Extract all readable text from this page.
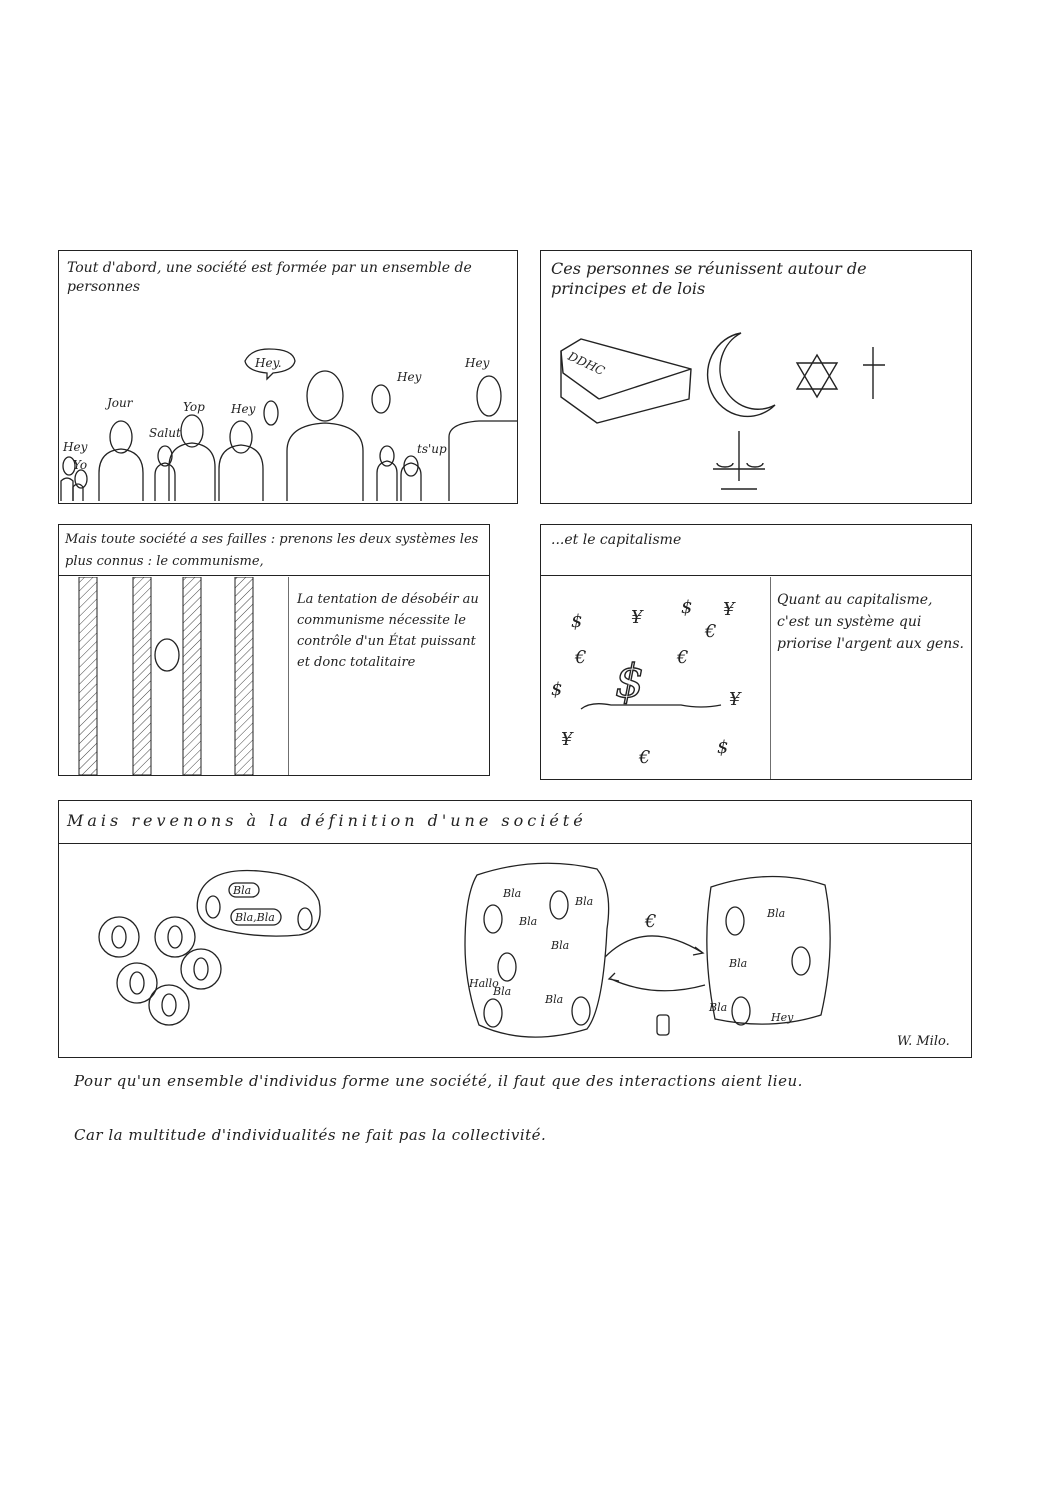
Tout d'abord, une société est formée par un ensemble de personnes
Hey
Jour	Yop Hey
Hey.
Hey
Hey
Salut
Yo
ts'up
Ces personnes se réunissent autour de principes et de lois
DDHC
Mais toute société a ses failles : prenons les deux systèmes les plus connus : le communisme,
La tentation de désobéir au communisme nécessite le contrôle d'un État puissant et donc totalitaire
...et le capitalisme
$	¥ $
€
¥
€	€
$	¥
¥
€	$
$
Quant au capitalisme, c'est un système qui priorise l'argent aux gens.
Mais revenons à la définition d'une société
Bla
Bla,Bla
Bla
Bla
Bla
Bla
Hallo
Bla
Bla
Bla
Bla
Bla
Hey
€
W. Milo.
Pour qu'un ensemble d'individus forme une société, il faut que des interactions aient lieu.
Car la multitude d'individualités ne fait pas la collectivité.
